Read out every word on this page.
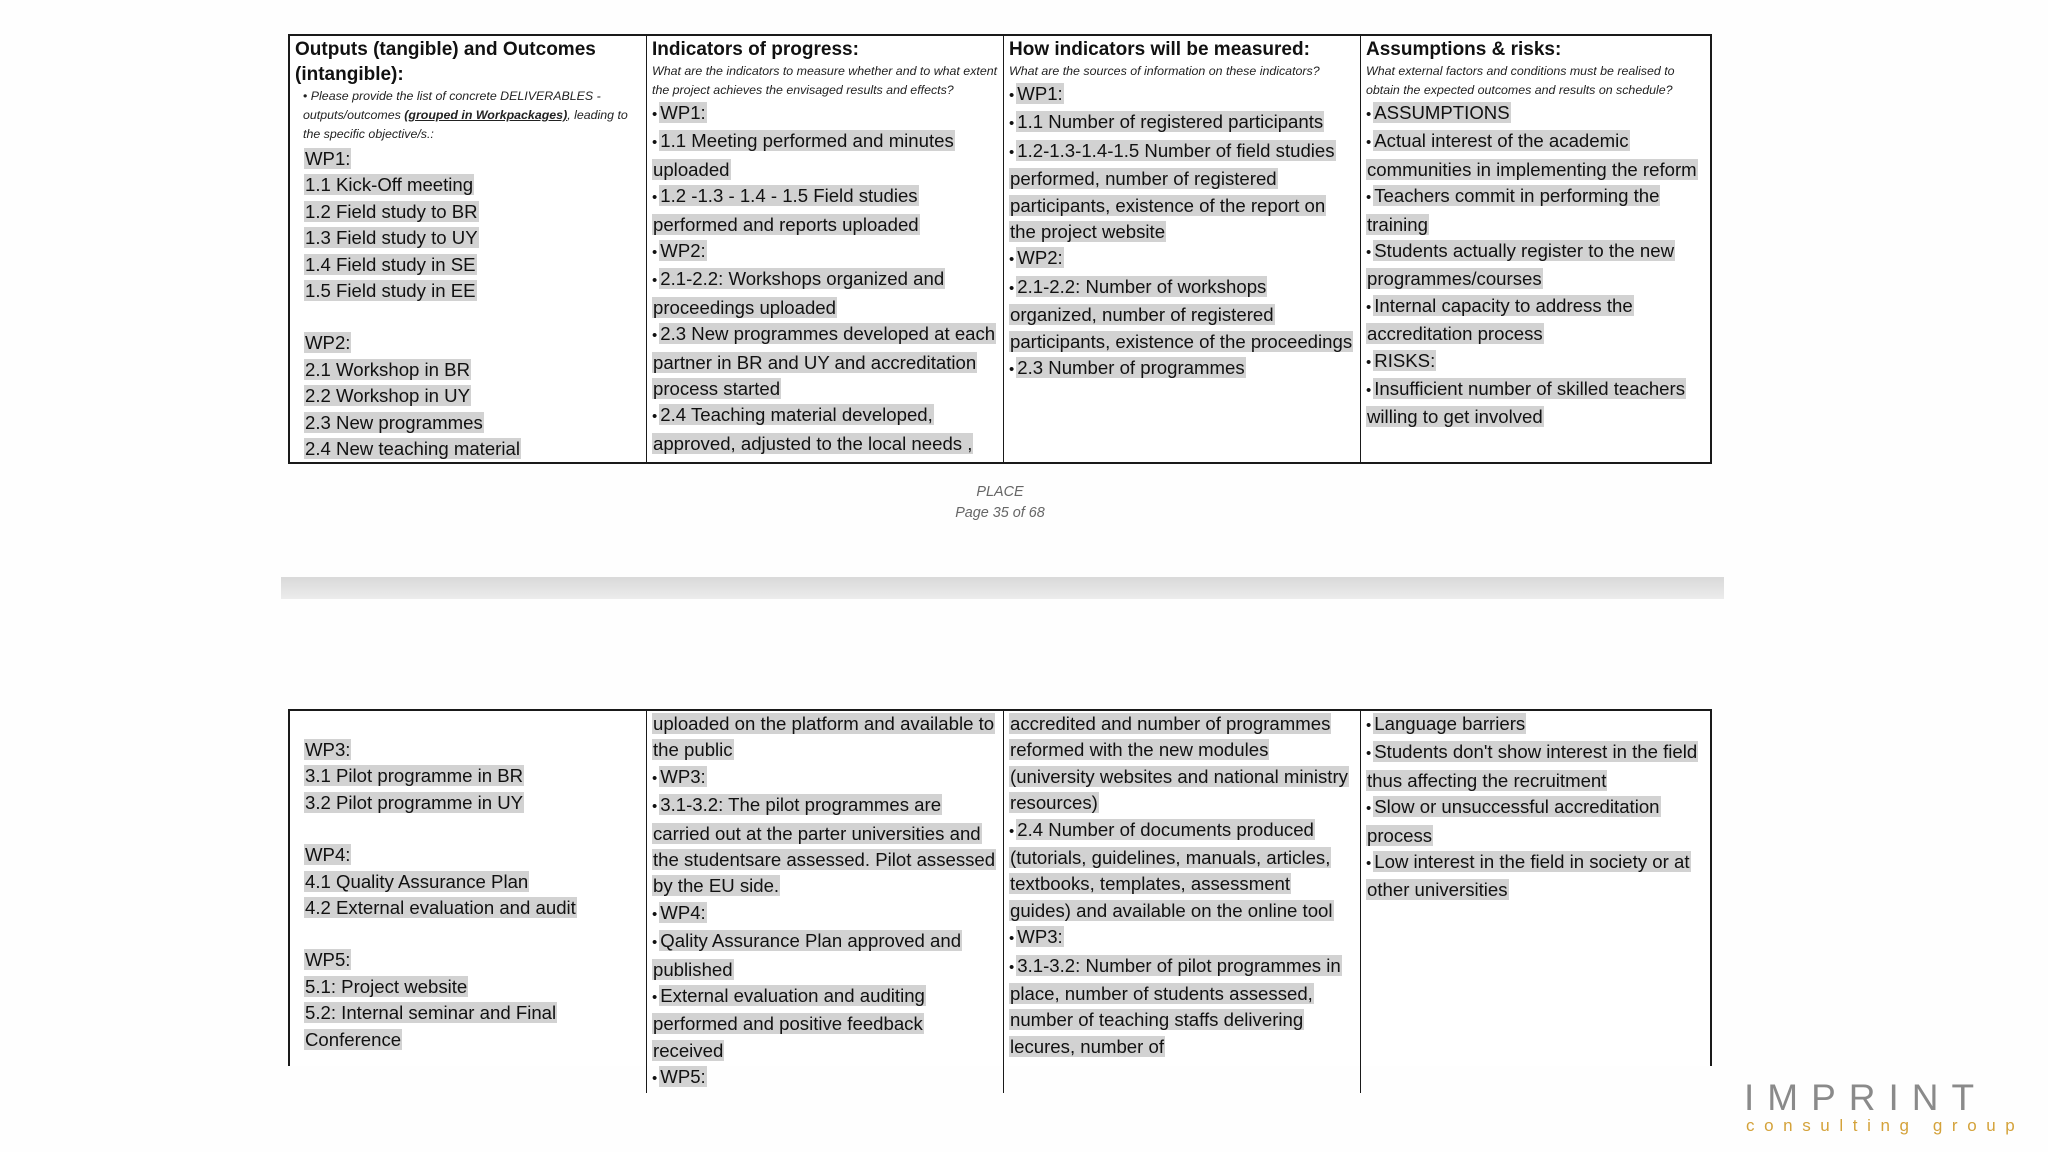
Outputs (tangible) and Outcomes (intangible):
• Please provide the list of concrete DELIVERABLES - outputs/outcomes (grouped in Workpackages), leading to the specific objective/s.:
WP1:
1.1 Kick-Off meeting
1.2 Field study to BR
1.3 Field study to UY
1.4 Field study in SE
1.5 Field study in EE
WP2:
2.1 Workshop in BR
2.2 Workshop in UY
2.3 New programmes
2.4 New teaching material
Indicators of progress:
What are the indicators to measure whether and to what extent the project achieves the envisaged results and effects?
• WP1:
• 1.1 Meeting performed and minutes uploaded
• 1.2 -1.3 - 1.4 - 1.5 Field studies performed and reports uploaded
• WP2:
• 2.1-2.2: Workshops organized and proceedings uploaded
• 2.3 New programmes developed at each partner in BR and UY and accreditation process started
• 2.4 Teaching material developed, approved, adjusted to the local needs ,
How indicators will be measured:
What are the sources of information on these indicators?
• WP1:
• 1.1 Number of registered participants
• 1.2-1.3-1.4-1.5 Number of field studies performed, number of registered participants, existence of the report on the project website
• WP2:
• 2.1-2.2: Number of workshops organized, number of registered participants, existence of the proceedings
• 2.3 Number of programmes
Assumptions & risks:
What external factors and conditions must be realised to obtain the expected outcomes and results on schedule?
• ASSUMPTIONS
• Actual interest of the academic communities in implementing the reform
• Teachers commit in performing the training
• Students actually register to the new programmes/courses
• Internal capacity to address the accreditation process
• RISKS:
• Insufficient number of skilled teachers willing to get involved
PLACE
Page 35 of 68
WP3:
3.1 Pilot programme in BR
3.2 Pilot programme in UY
WP4:
4.1 Quality Assurance Plan
4.2 External evaluation and audit
WP5:
5.1: Project website
5.2: Internal seminar and Final
Conference
uploaded on the platform and available to the public
• WP3:
• 3.1-3.2: The pilot programmes are carried out at the parter universities and the studentsare assessed. Pilot assessed by the EU side.
• WP4:
• Qality Assurance Plan approved and published
• External evaluation and auditing performed and positive feedback received
• WP5:
accredited and number of programmes reformed with the new modules (university websites and national ministry resources)
• 2.4 Number of documents produced (tutorials, guidelines, manuals, articles, textbooks, templates, assessment guides) and available on the online tool
• WP3:
• 3.1-3.2: Number of pilot programmes in place, number of students assessed, number of teaching staffs delivering lecures, number of
• Language barriers
• Students don't show interest in the field thus affecting the recruitment
• Slow or unsuccessful accreditation process
• Low interest in the field in society or at other universities
IMPRINT
consulting group
